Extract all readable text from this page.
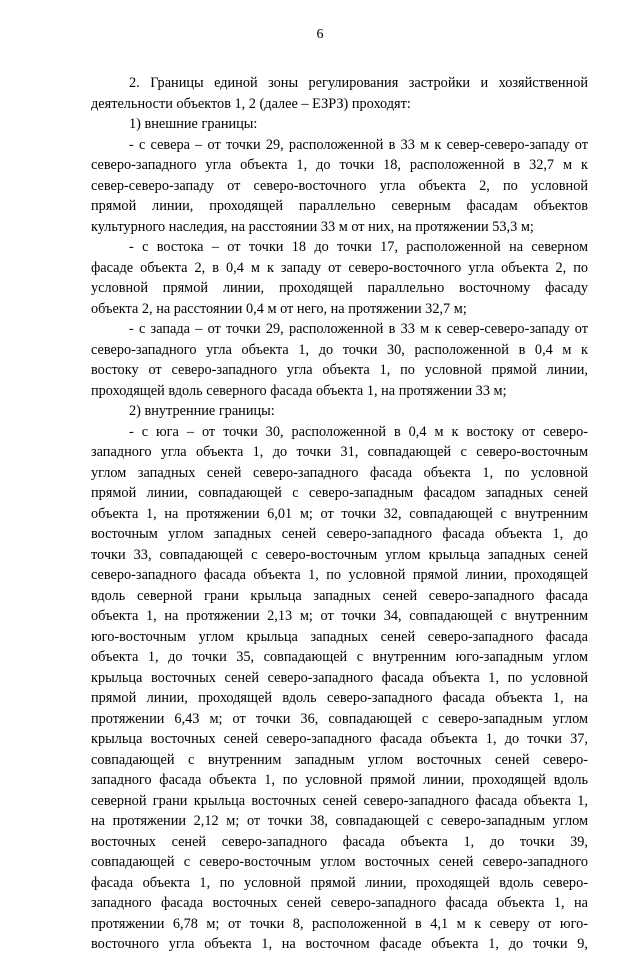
6
2. Границы единой зоны регулирования застройки и хозяйственной
деятельности объектов 1, 2 (далее – ЕЗРЗ) проходят:
1) внешние границы:
- с севера – от точки 29, расположенной в 33 м к север-северо-западу от
северо-западного угла объекта 1, до точки 18, расположенной в 32,7 м к
север-северо-западу от северо-восточного угла объекта 2, по условной
прямой линии, проходящей параллельно северным фасадам объектов
культурного наследия, на расстоянии 33 м от них, на протяжении 53,3 м;
- с востока – от точки 18 до точки 17, расположенной на северном
фасаде объекта 2, в 0,4 м к западу от северо-восточного угла объекта 2, по
условной прямой линии, проходящей параллельно восточному фасаду
объекта 2, на расстоянии 0,4 м от него, на протяжении 32,7 м;
- с запада – от точки 29, расположенной в 33 м к север-северо-западу от
северо-западного угла объекта 1, до точки 30, расположенной в 0,4 м к
востоку от северо-западного угла объекта 1, по условной прямой линии,
проходящей вдоль северного фасада объекта 1, на протяжении 33 м;
2) внутренние границы:
- с юга – от точки 30, расположенной в 0,4 м к востоку от северо-
западного угла объекта 1, до точки 31, совпадающей с северо-восточным
углом западных сеней северо-западного фасада объекта 1, по условной
прямой линии, совпадающей с северо-западным фасадом западных сеней
объекта 1, на протяжении 6,01 м; от точки 32, совпадающей с внутренним
восточным углом западных сеней северо-западного фасада объекта 1, до
точки 33, совпадающей с северо-восточным углом крыльца западных сеней
северо-западного фасада объекта 1, по условной прямой линии, проходящей
вдоль северной грани крыльца западных сеней северо-западного фасада
объекта 1, на протяжении 2,13 м; от точки 34, совпадающей с внутренним
юго-восточным углом крыльца западных сеней северо-западного фасада
объекта 1, до точки 35, совпадающей с внутренним юго-западным углом
крыльца восточных сеней северо-западного фасада объекта 1, по условной
прямой линии, проходящей вдоль северо-западного фасада объекта 1, на
протяжении 6,43 м; от точки 36, совпадающей с северо-западным углом
крыльца восточных сеней северо-западного фасада объекта 1, до точки 37,
совпадающей с внутренним западным углом восточных сеней северо-
западного фасада объекта 1, по условной прямой линии, проходящей вдоль
северной грани крыльца восточных сеней северо-западного фасада объекта 1,
на протяжении 2,12 м; от точки 38, совпадающей с северо-западным углом
восточных сеней северо-западного фасада объекта 1, до точки 39,
совпадающей с северо-восточным углом восточных сеней северо-западного
фасада объекта 1, по условной прямой линии, проходящей вдоль северо-
западного фасада восточных сеней северо-западного фасада объекта 1, на
протяжении 6,78 м; от точки 8, расположенной в 4,1 м к северу от юго-
восточного угла объекта 1, на восточном фасаде объекта 1, до точки 9,
